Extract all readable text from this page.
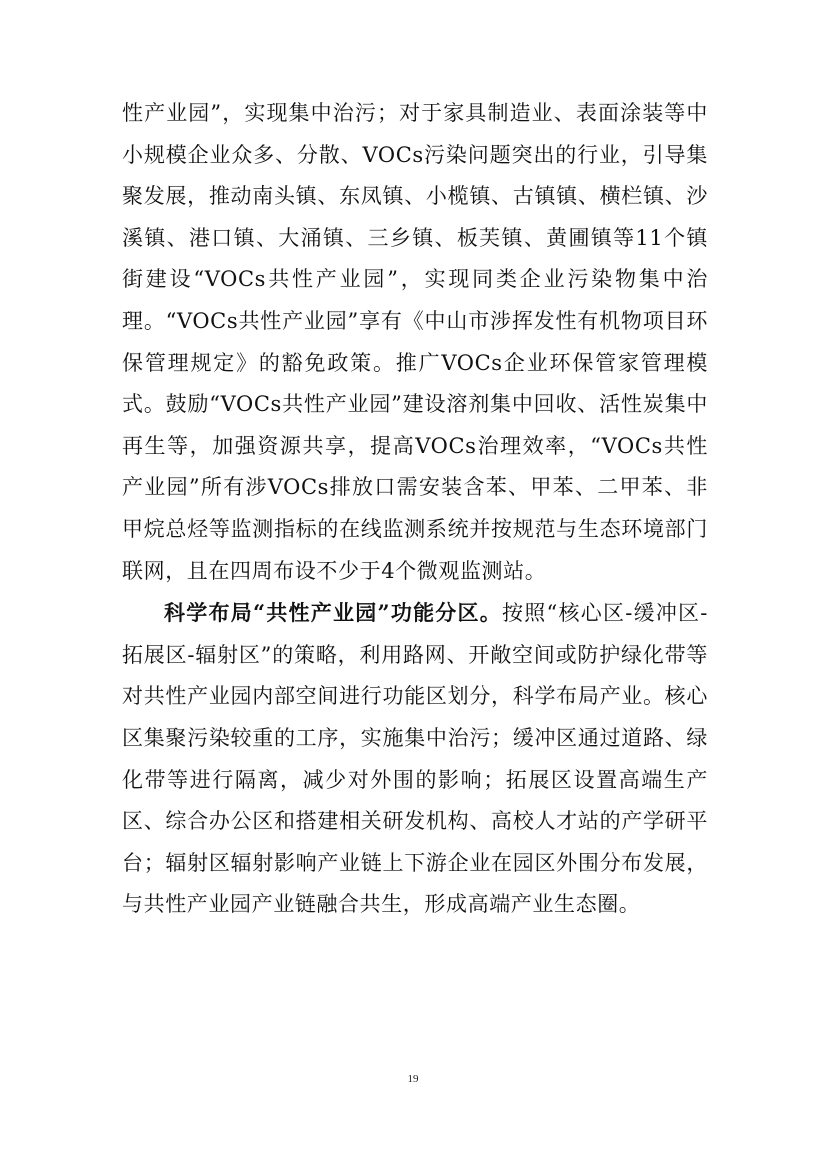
性产业园”，实现集中治污；对于家具制造业、表面涂装等中小规模企业众多、分散、VOCs污染问题突出的行业，引导集聚发展，推动南头镇、东凤镇、小榄镇、古镇镇、横栏镇、沙溪镇、港口镇、大涌镇、三乡镇、板芙镇、黄圃镇等11个镇街建设“VOCs共性产业园”，实现同类企业污染物集中治理。“VOCs共性产业园”享有《中山市涉挥发性有机物项目环保管理规定》的豁免政策。推广VOCs企业环保管家管理模式。鼓励“VOCs共性产业园”建设溶剂集中回收、活性炭集中再生等，加强资源共享，提高VOCs治理效率，“VOCs共性产业园”所有涉VOCs排放口需安装含苯、甲苯、二甲苯、非甲烷总烃等监测指标的在线监测系统并按规范与生态环境部门联网，且在四周布设不少于4个微观监测站。

科学布局“共性产业园”功能分区。按照“核心区-缓冲区-拓展区-辐射区”的策略，利用路网、开敞空间或防护绿化带等对共性产业园内部空间进行功能区划分，科学布局产业。核心区集聚污染较重的工序，实施集中治污；缓冲区通过道路、绿化带等进行隔离，减少对外围的影响；拓展区设置高端生产区、综合办公区和搭建相关研发机构、高校人才站的产学研平台；辐射区辐射影响产业链上下游企业在园区外围分布发展，与共性产业园产业链融合共生，形成高端产业生态圈。

19
